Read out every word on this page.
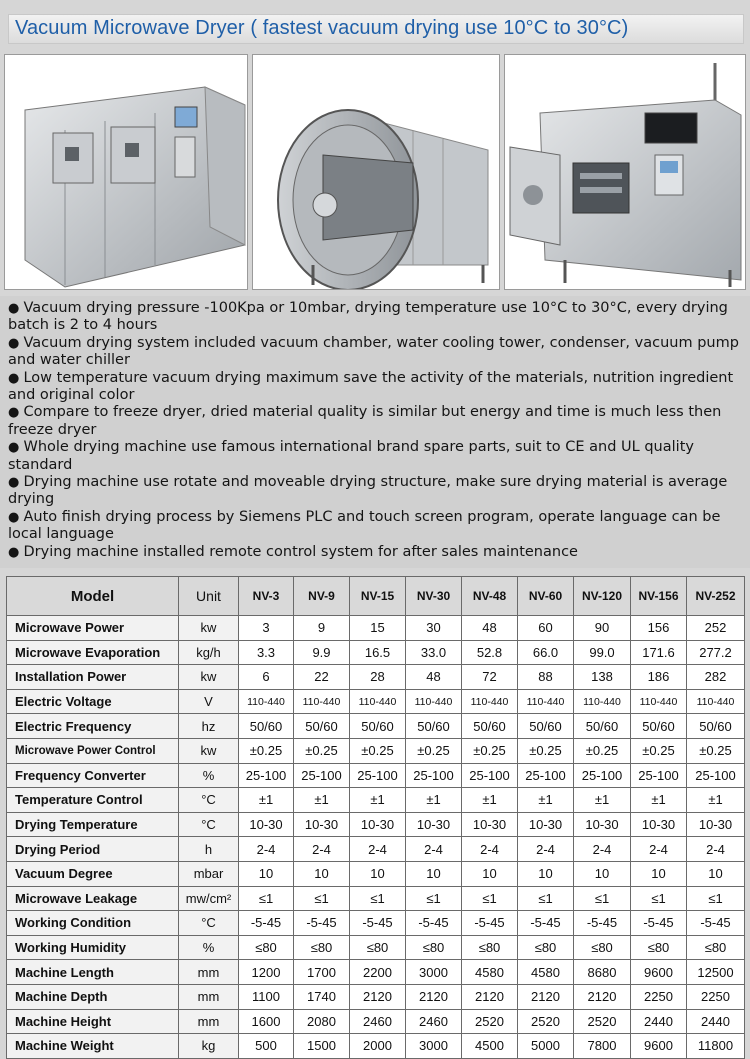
Vacuum Microwave Dryer ( fastest vacuum drying use 10°C to 30°C)
● Vacuum drying pressure -100Kpa or 10mbar, drying temperature use 10°C to 30°C, every drying batch is 2 to 4 hours
● Vacuum drying system included vacuum chamber, water cooling tower, condenser, vacuum pump and water chiller
● Low temperature vacuum drying maximum save the activity of the materials, nutrition ingredient and original color
● Compare to freeze dryer, dried material quality is similar but energy and time is much less then freeze dryer
● Whole drying machine use famous international brand spare parts, suit to CE and UL quality standard
● Drying machine use rotate and moveable drying structure, make sure drying material is average drying
● Auto finish drying process by Siemens PLC and touch screen program, operate language can be local language
● Drying machine installed remote control system for after sales maintenance
Model	Unit	NV-3	NV-9	NV-15	NV-30	NV-48	NV-60	NV-120	NV-156	NV-252
Microwave Power	kw	3	9	15	30	48	60	90	156	252
Microwave Evaporation	kg/h	3.3	9.9	16.5	33.0	52.8	66.0	99.0	171.6	277.2
Installation Power	kw	6	22	28	48	72	88	138	186	282
Electric Voltage	V	110-440	110-440	110-440	110-440	110-440	110-440	110-440	110-440	110-440
Electric Frequency	hz	50/60	50/60	50/60	50/60	50/60	50/60	50/60	50/60	50/60
Microwave Power Control	kw	±0.25	±0.25	±0.25	±0.25	±0.25	±0.25	±0.25	±0.25	±0.25
Frequency Converter	%	25-100	25-100	25-100	25-100	25-100	25-100	25-100	25-100	25-100
Temperature Control	°C	±1	±1	±1	±1	±1	±1	±1	±1	±1
Drying Temperature	°C	10-30	10-30	10-30	10-30	10-30	10-30	10-30	10-30	10-30
Drying Period	h	2-4	2-4	2-4	2-4	2-4	2-4	2-4	2-4	2-4
Vacuum Degree	mbar	10	10	10	10	10	10	10	10	10
Microwave Leakage	mw/cm²	≤1	≤1	≤1	≤1	≤1	≤1	≤1	≤1	≤1
Working Condition	°C	-5-45	-5-45	-5-45	-5-45	-5-45	-5-45	-5-45	-5-45	-5-45
Working Humidity	%	≤80	≤80	≤80	≤80	≤80	≤80	≤80	≤80	≤80
Machine Length	mm	1200	1700	2200	3000	4580	4580	8680	9600	12500
Machine Depth	mm	1100	1740	2120	2120	2120	2120	2120	2250	2250
Machine Height	mm	1600	2080	2460	2460	2520	2520	2520	2440	2440
Machine Weight	kg	500	1500	2000	3000	4500	5000	7800	9600	11800
